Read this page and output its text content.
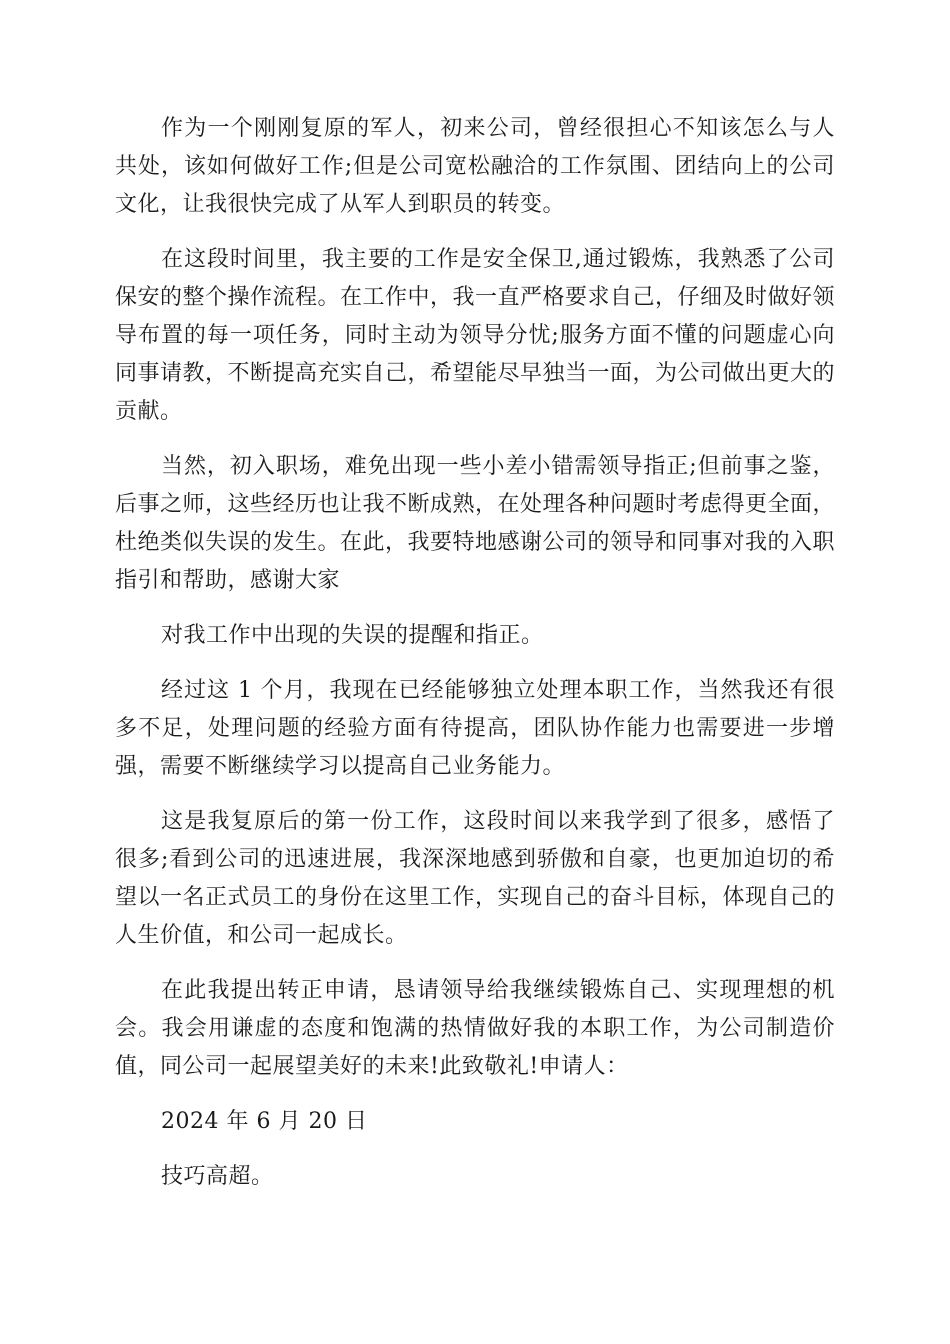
作为一个刚刚复原的军人，初来公司，曾经很担心不知该怎么与人共处，该如何做好工作;但是公司宽松融洽的工作氛围、团结向上的公司文化，让我很快完成了从军人到职员的转变。

在这段时间里，我主要的工作是安全保卫,通过锻炼，我熟悉了公司保安的整个操作流程。在工作中，我一直严格要求自己，仔细及时做好领导布置的每一项任务，同时主动为领导分忧;服务方面不懂的问题虚心向同事请教，不断提高充实自己，希望能尽早独当一面，为公司做出更大的贡献。

当然，初入职场，难免出现一些小差小错需领导指正;但前事之鉴，后事之师，这些经历也让我不断成熟，在处理各种问题时考虑得更全面，杜绝类似失误的发生。在此，我要特地感谢公司的领导和同事对我的入职指引和帮助，感谢大家

对我工作中出现的失误的提醒和指正。

经过这 1 个月，我现在已经能够独立处理本职工作，当然我还有很多不足，处理问题的经验方面有待提高，团队协作能力也需要进一步增强，需要不断继续学习以提高自己业务能力。

这是我复原后的第一份工作，这段时间以来我学到了很多，感悟了很多;看到公司的迅速进展，我深深地感到骄傲和自豪，也更加迫切的希望以一名正式员工的身份在这里工作，实现自己的奋斗目标，体现自己的人生价值，和公司一起成长。

在此我提出转正申请，恳请领导给我继续锻炼自己、实现理想的机会。我会用谦虚的态度和饱满的热情做好我的本职工作，为公司制造价值，同公司一起展望美好的未来!此致敬礼!申请人：

2024 年 6 月 20 日

技巧高超。
